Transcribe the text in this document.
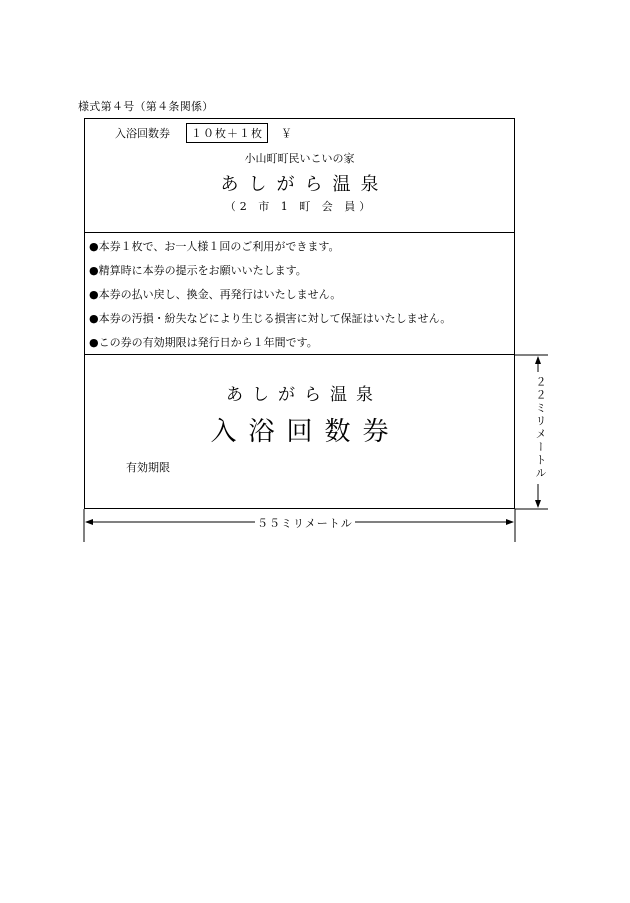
様式第４号（第４条関係）
入浴回数券	１０枚＋１枚	￥
小山町町民いこいの家
あしがら温泉
（2 市 1 町 会 員）
●本券１枚で、お一人様１回のご利用ができます。
●精算時に本券の提示をお願いいたします。
●本券の払い戻し、換金、再発行はいたしません。
●本券の汚損・紛失などにより生じる損害に対して保証はいたしません。
●この券の有効期限は発行日から１年間です。
あしがら温泉
入浴回数券
有効期限
５５ミリメートル
２２ミリメートル
